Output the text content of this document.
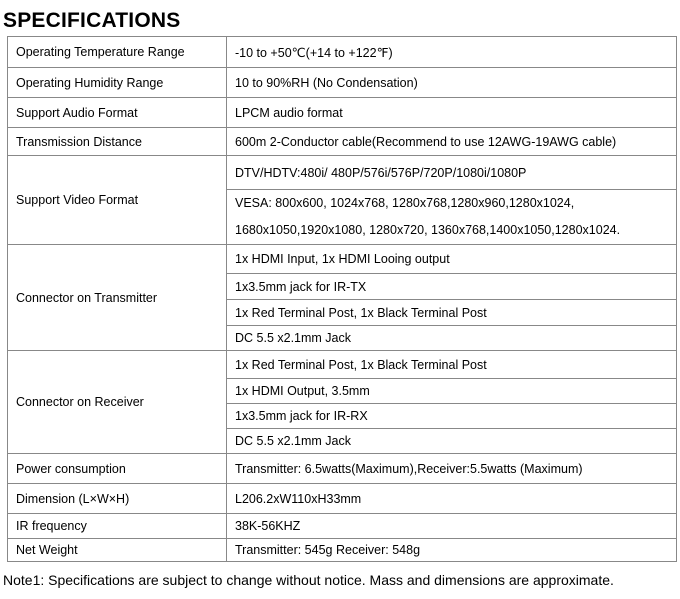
SPECIFICATIONS
Operating Temperature Range	-10 to +50℃(+14 to +122℉)
Operating Humidity Range	10 to 90%RH (No Condensation)
Support Audio Format	LPCM audio format
Transmission Distance	600m 2-Conductor cable(Recommend to use 12AWG-19AWG cable)
Support Video Format	DTV/HDTV:480i/ 480P/576i/576P/720P/1080i/1080P

	VESA: 800x600, 1024x768, 1280x768,1280x960,1280x1024,
1680x1050,1920x1080, 1280x720, 1360x768,1400x1050,1280x1024.

Connector on Transmitter	1x HDMI Input, 1x HDMI Looing output
	1x3.5mm jack for IR-TX
	1x Red Terminal Post, 1x Black Terminal Post
	DC 5.5 x2.1mm Jack
Connector on Receiver	1x Red Terminal Post, 1x Black Terminal Post
	1x HDMI Output, 3.5mm
	1x3.5mm jack for IR-RX
	DC 5.5 x2.1mm Jack
Power consumption	Transmitter: 6.5watts(Maximum),Receiver:5.5watts (Maximum)
Dimension (L×W×H)	L206.2xW110xH33mm
IR frequency	38K-56KHZ
Net Weight	Transmitter: 545g Receiver: 548g
Note1: Specifications are subject to change without notice. Mass and dimensions are approximate.
